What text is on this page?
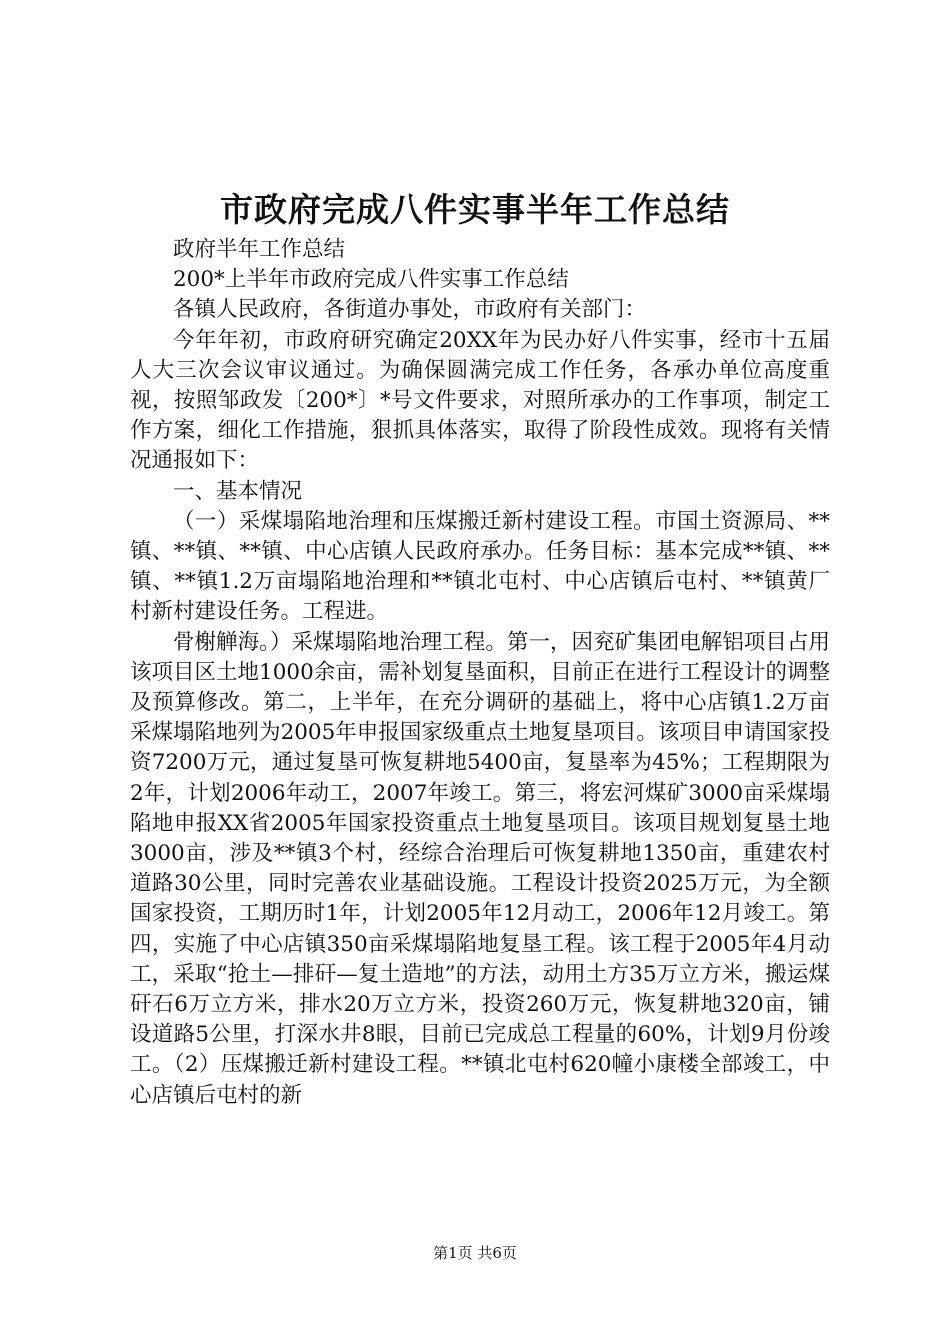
市政府完成八件实事半年工作总结

政府半年工作总结

200*上半年市政府完成八件实事工作总结

各镇人民政府，各街道办事处，市政府有关部门：

今年年初，市政府研究确定20XX年为民办好八件实事，经市十五届人大三次会议审议通过。为确保圆满完成工作任务，各承办单位高度重视，按照邹政发〔200*〕*号文件要求，对照所承办的工作事项，制定工作方案，细化工作措施，狠抓具体落实，取得了阶段性成效。现将有关情况通报如下：

一、基本情况

（一）采煤塌陷地治理和压煤搬迁新村建设工程。市国土资源局、**镇、**镇、**镇、中心店镇人民政府承办。任务目标：基本完成**镇、**镇、**镇1.2万亩塌陷地治理和**镇北屯村、中心店镇后屯村、**镇黄厂村新村建设任务。工程进。

骨榭觯海。）采煤塌陷地治理工程。第一，因兖矿集团电解铝项目占用该项目区土地1000余亩，需补划复垦面积，目前正在进行工程设计的调整及预算修改。第二，上半年，在充分调研的基础上，将中心店镇1.2万亩采煤塌陷地列为2005年申报国家级重点土地复垦项目。该项目申请国家投资7200万元，通过复垦可恢复耕地5400亩，复垦率为45%；工程期限为2年，计划2006年动工，2007年竣工。第三，将宏河煤矿3000亩采煤塌陷地申报XX省2005年国家投资重点土地复垦项目。该项目规划复垦土地3000亩，涉及**镇3个村，经综合治理后可恢复耕地1350亩，重建农村道路30公里，同时完善农业基础设施。工程设计投资2025万元，为全额国家投资，工期历时1年，计划2005年12月动工，2006年12月竣工。第四，实施了中心店镇350亩采煤塌陷地复垦工程。该工程于2005年4月动工，采取“抢土—排矸—复土造地”的方法，动用土方35万立方米，搬运煤矸石6万立方米，排水20万立方米，投资260万元，恢复耕地320亩，铺设道路5公里，打深水井8眼，目前已完成总工程量的60%，计划9月份竣工。（2）压煤搬迁新村建设工程。**镇北屯村620幢小康楼全部竣工，中心店镇后屯村的新

第1页 共6页
